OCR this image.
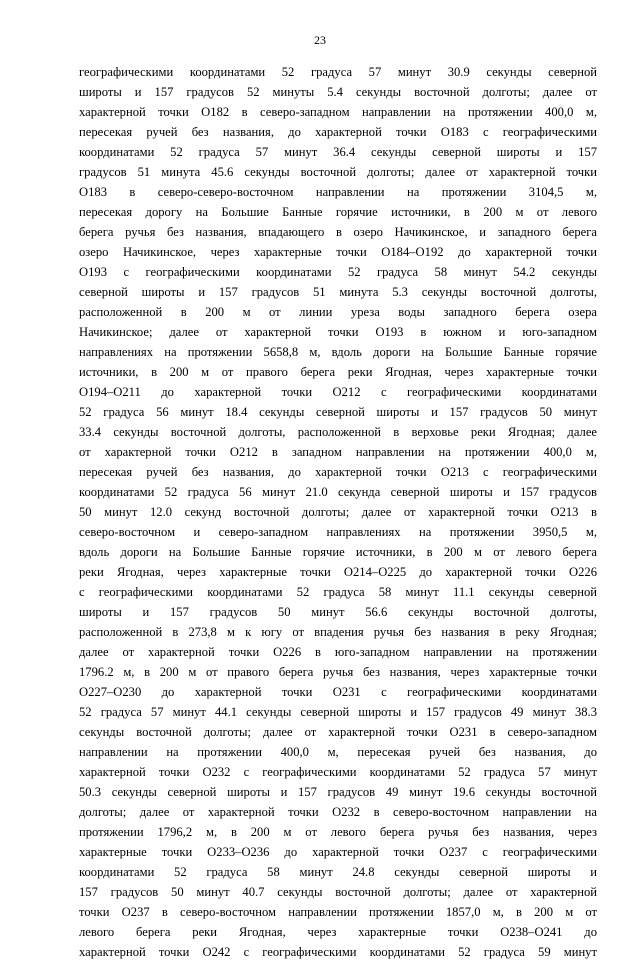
23
географическими координатами 52 градуса 57 минут 30.9 секунды северной
широты и 157 градусов 52 минуты 5.4 секунды восточной долготы; далее от
характерной точки О182 в северо-западном направлении на протяжении 400,0 м,
пересекая ручей без названия, до характерной точки О183 с географическими
координатами 52 градуса 57 минут 36.4 секунды северной широты и 157
градусов 51 минута 45.6 секунды восточной долготы; далее от характерной точки
О183 в северо-северо-восточном направлении на протяжении 3104,5 м,
пересекая дорогу на Большие Банные горячие источники, в 200 м от левого
берега ручья без названия, впадающего в озеро Начикинское, и западного берега
озеро Начикинское, через характерные точки О184–О192 до характерной точки
О193 с географическими координатами 52 градуса 58 минут 54.2 секунды
северной широты и 157 градусов 51 минута 5.3 секунды восточной долготы,
расположенной в 200 м от линии уреза воды западного берега озера
Начикинское; далее от характерной точки О193 в южном и юго-западном
направлениях на протяжении 5658,8 м, вдоль дороги на Большие Банные горячие
источники, в 200 м от правого берега реки Ягодная, через характерные точки
О194–О211 до характерной точки О212 с географическими координатами
52 градуса 56 минут 18.4 секунды северной широты и 157 градусов 50 минут
33.4 секунды восточной долготы, расположенной в верховье реки Ягодная; далее
от характерной точки О212 в западном направлении на протяжении 400,0 м,
пересекая ручей без названия, до характерной точки О213 с географическими
координатами 52 градуса 56 минут 21.0 секунда северной широты и 157 градусов
50 минут 12.0 секунд восточной долготы; далее от характерной точки О213 в
северо-восточном и северо-западном направлениях на протяжении 3950,5 м,
вдоль дороги на Большие Банные горячие источники, в 200 м от левого берега
реки Ягодная, через характерные точки О214–О225 до характерной точки О226
с географическими координатами 52 градуса 58 минут 11.1 секунды северной
широты и 157 градусов 50 минут 56.6 секунды восточной долготы,
расположенной в 273,8 м к югу от впадения ручья без названия в реку Ягодная;
далее от характерной точки О226 в юго-западном направлении на протяжении
1796.2 м, в 200 м от правого берега ручья без названия, через характерные точки
О227–О230 до характерной точки О231 с географическими координатами
52 градуса 57 минут 44.1 секунды северной широты и 157 градусов 49 минут 38.3
секунды восточной долготы; далее от характерной точки О231 в северо-западном
направлении на протяжении 400,0 м, пересекая ручей без названия, до
характерной точки О232 с географическими координатами 52 градуса 57 минут
50.3 секунды северной широты и 157 градусов 49 минут 19.6 секунды восточной
долготы; далее от характерной точки О232 в северо-восточном направлении на
протяжении 1796,2 м, в 200 м от левого берега ручья без названия, через
характерные точки О233–О236 до характерной точки О237 с географическими
координатами 52 градуса 58 минут 24.8 секунды северной широты и
157 градусов 50 минут 40.7 секунды восточной долготы; далее от характерной
точки О237 в северо-восточном направлении протяжении 1857,0 м, в 200 м от
левого берега реки Ягодная, через характерные точки О238–О241 до
характерной точки О242 с географическими координатами 52 градуса 59 минут
